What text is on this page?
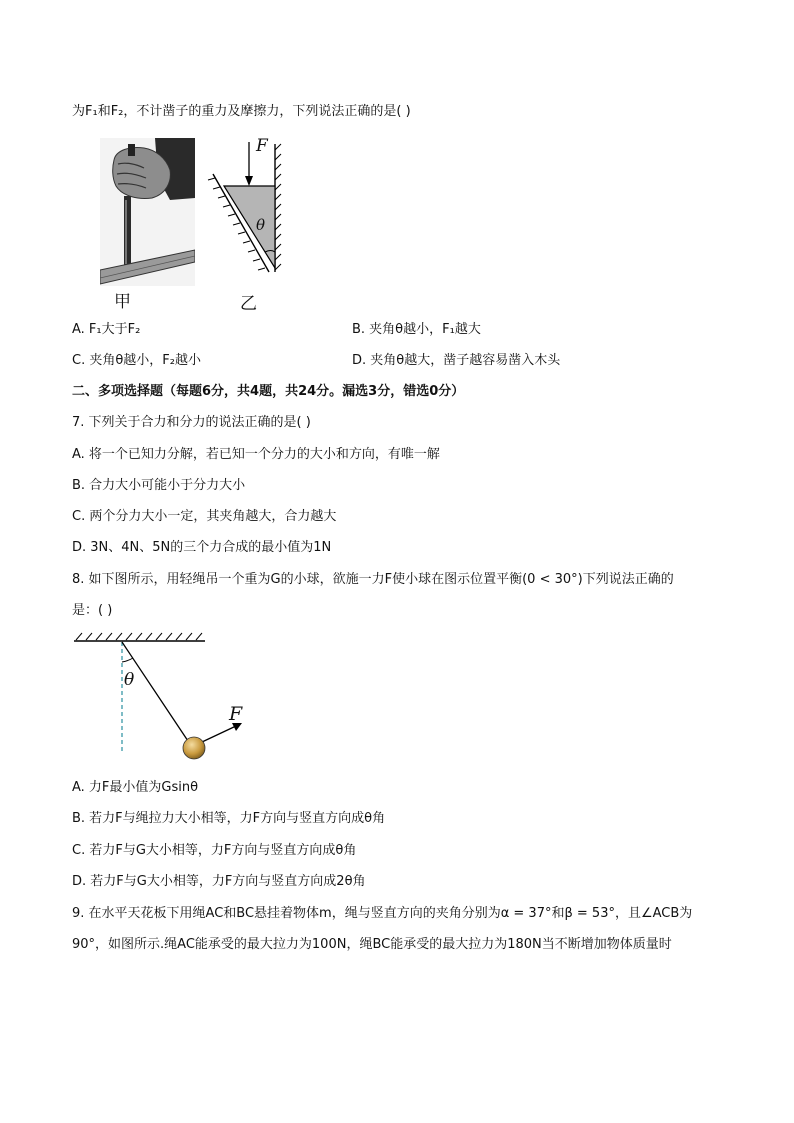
为F₁和F₂，不计凿子的重力及摩擦力，下列说法正确的是( )
F
θ
甲	乙
A. F₁大于F₂	B. 夹角θ越小，F₁越大
C. 夹角θ越小，F₂越小	D. 夹角θ越大，凿子越容易凿入木头
二、多项选择题（每题6分，共4题，共24分。漏选3分，错选0分）
7. 下列关于合力和分力的说法正确的是( )
A. 将一个已知力分解，若已知一个分力的大小和方向，有唯一解
B. 合力大小可能小于分力大小
C. 两个分力大小一定，其夹角越大，合力越大
D. 3N、4N、5N的三个力合成的最小值为1N
8. 如下图所示，用轻绳吊一个重为G的小球，欲施一力F使小球在图示位置平衡(0 < 30°)下列说法正确的
是：( )
θ
F
A. 力F最小值为Gsinθ
B. 若力F与绳拉力大小相等，力F方向与竖直方向成θ角
C. 若力F与G大小相等，力F方向与竖直方向成θ角
D. 若力F与G大小相等，力F方向与竖直方向成2θ角
9. 在水平天花板下用绳AC和BC悬挂着物体m，绳与竖直方向的夹角分别为α = 37°和β = 53°，且∠ACB为
90°，如图所示.绳AC能承受的最大拉力为100N，绳BC能承受的最大拉力为180N当不断增加物体质量时
